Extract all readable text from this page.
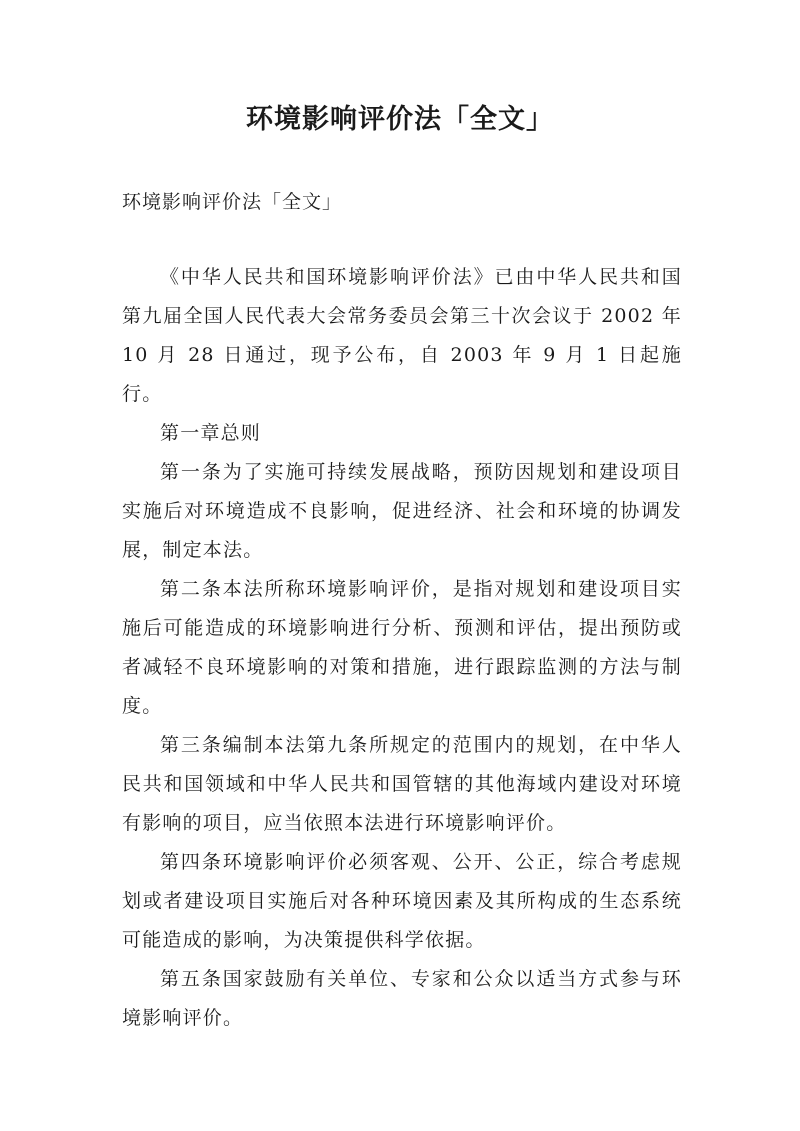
环境影响评价法「全文」

环境影响评价法「全文」

《中华人民共和国环境影响评价法》已由中华人民共和国第九届全国人民代表大会常务委员会第三十次会议于 2002 年 10 月 28 日通过，现予公布，自 2003 年 9 月 1 日起施行。

第一章总则

第一条为了实施可持续发展战略，预防因规划和建设项目实施后对环境造成不良影响，促进经济、社会和环境的协调发展，制定本法。

第二条本法所称环境影响评价，是指对规划和建设项目实施后可能造成的环境影响进行分析、预测和评估，提出预防或者减轻不良环境影响的对策和措施，进行跟踪监测的方法与制度。

第三条编制本法第九条所规定的范围内的规划，在中华人民共和国领域和中华人民共和国管辖的其他海域内建设对环境有影响的项目，应当依照本法进行环境影响评价。

第四条环境影响评价必须客观、公开、公正，综合考虑规划或者建设项目实施后对各种环境因素及其所构成的生态系统可能造成的影响，为决策提供科学依据。

第五条国家鼓励有关单位、专家和公众以适当方式参与环境影响评价。
